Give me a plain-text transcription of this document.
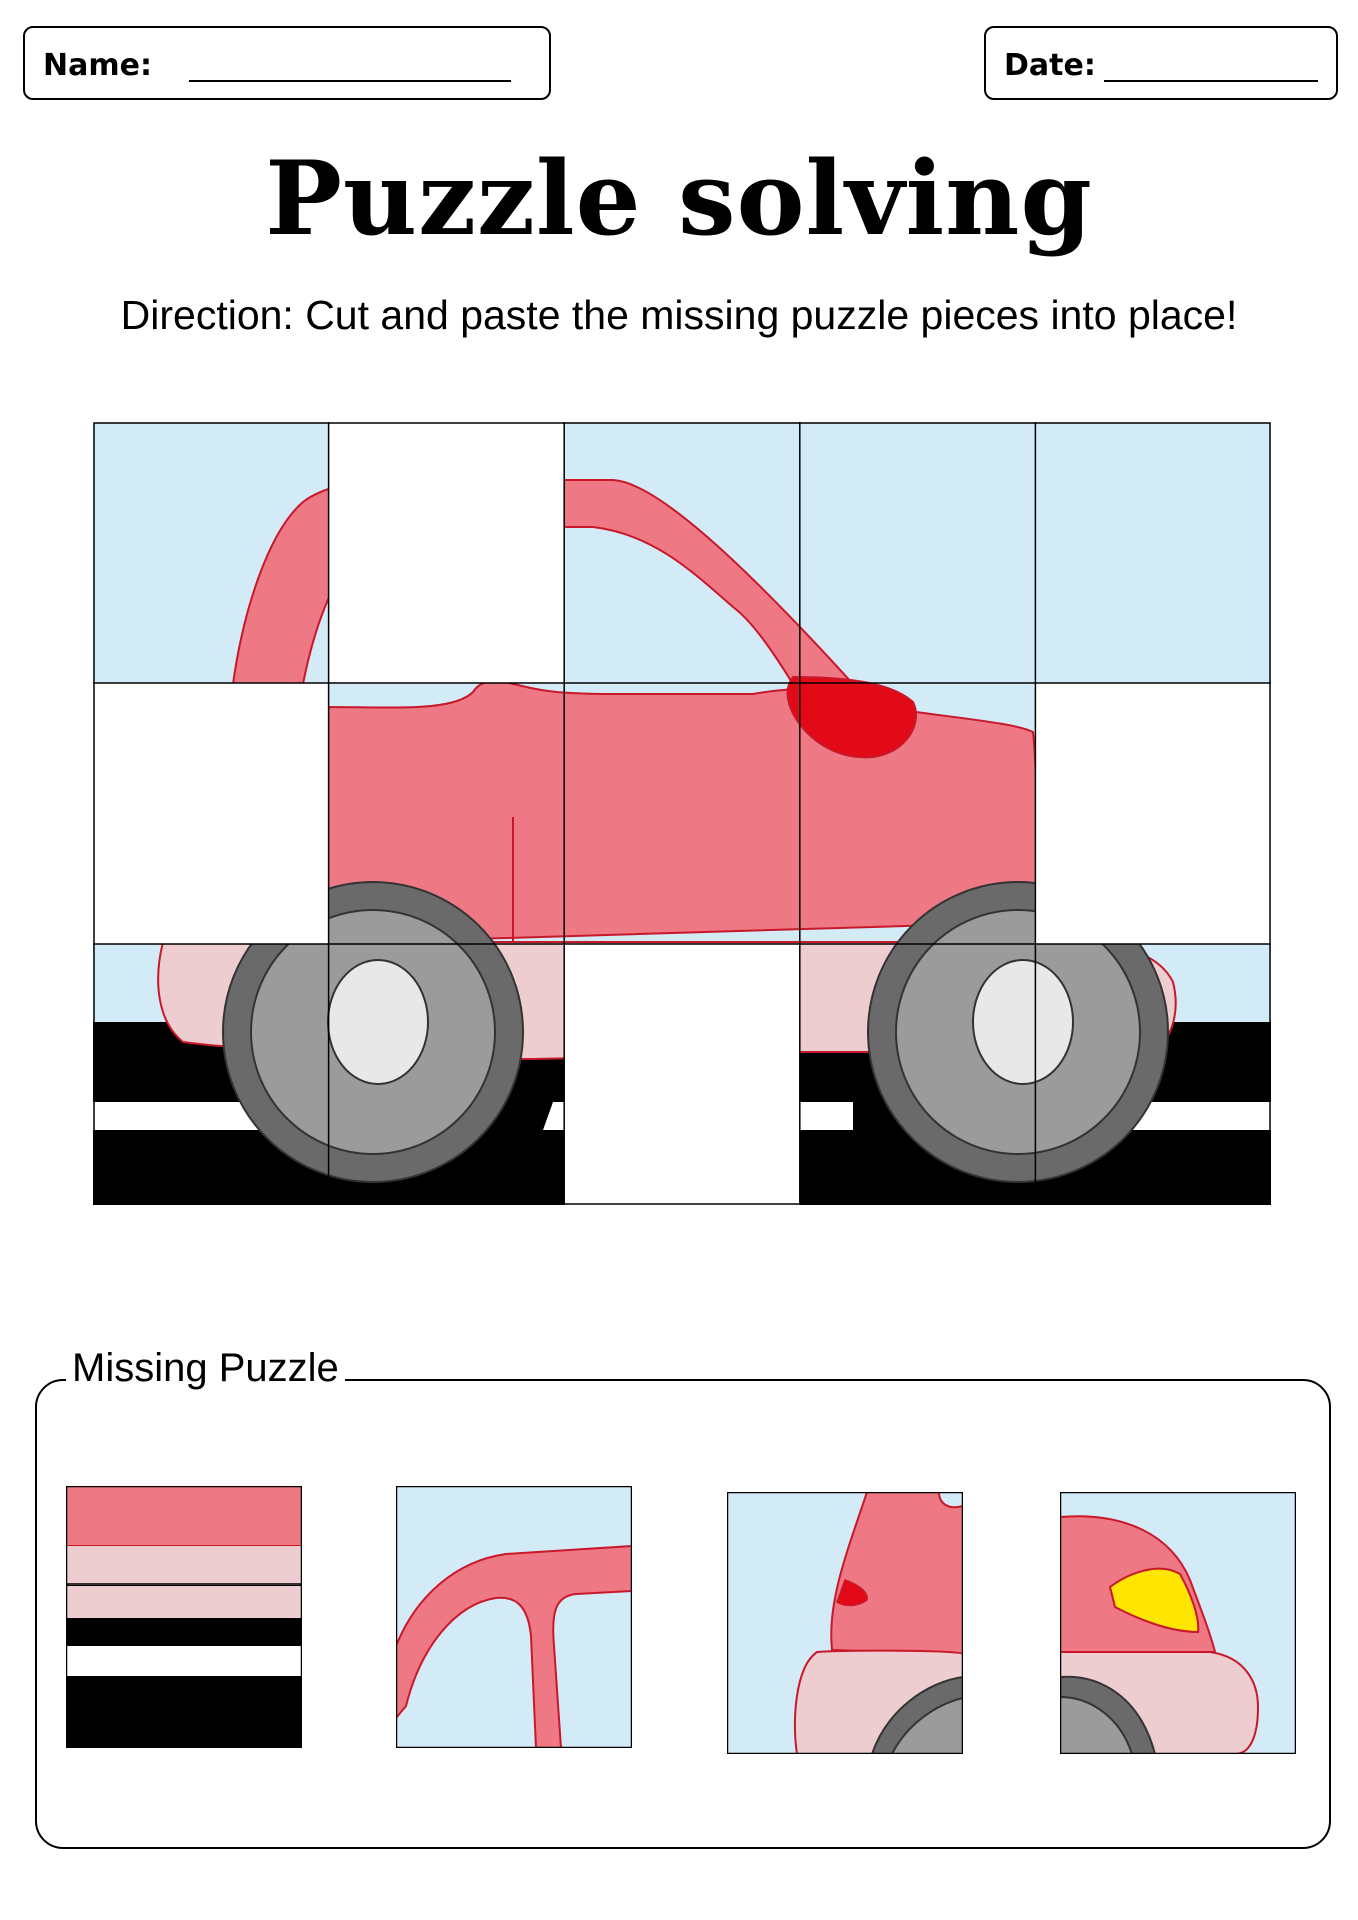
Name:	Date:
Puzzle solving
Direction: Cut and paste the missing puzzle pieces into place!
Missing Puzzle
